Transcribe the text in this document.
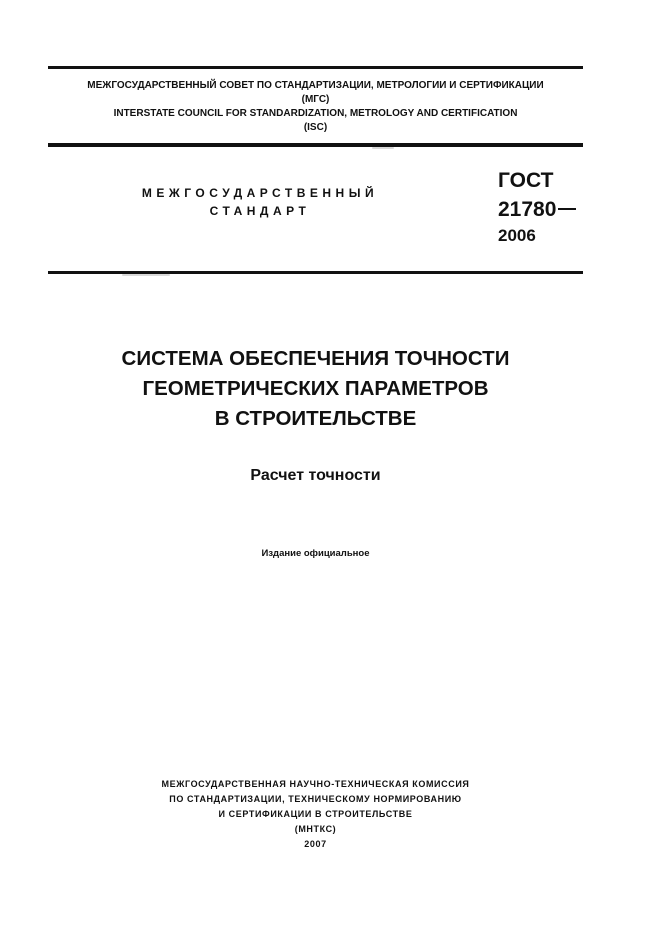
МЕЖГОСУДАРСТВЕННЫЙ СОВЕТ ПО СТАНДАРТИЗАЦИИ, МЕТРОЛОГИИ И СЕРТИФИКАЦИИ
(МГС)
INTERSTATE COUNCIL FOR STANDARDIZATION, METROLOGY AND CERTIFICATION
(ISC)
МЕЖГОСУДАРСТВЕННЫЙ
СТАНДАРТ
ГОСТ
21780
2006
СИСТЕМА ОБЕСПЕЧЕНИЯ ТОЧНОСТИ
ГЕОМЕТРИЧЕСКИХ ПАРАМЕТРОВ
В СТРОИТЕЛЬСТВЕ
Расчет точности
Издание официальное
МЕЖГОСУДАРСТВЕННАЯ НАУЧНО-ТЕХНИЧЕСКАЯ КОМИССИЯ
ПО СТАНДАРТИЗАЦИИ, ТЕХНИЧЕСКОМУ НОРМИРОВАНИЮ
И СЕРТИФИКАЦИИ В СТРОИТЕЛЬСТВЕ
(МНТКС)
2007
